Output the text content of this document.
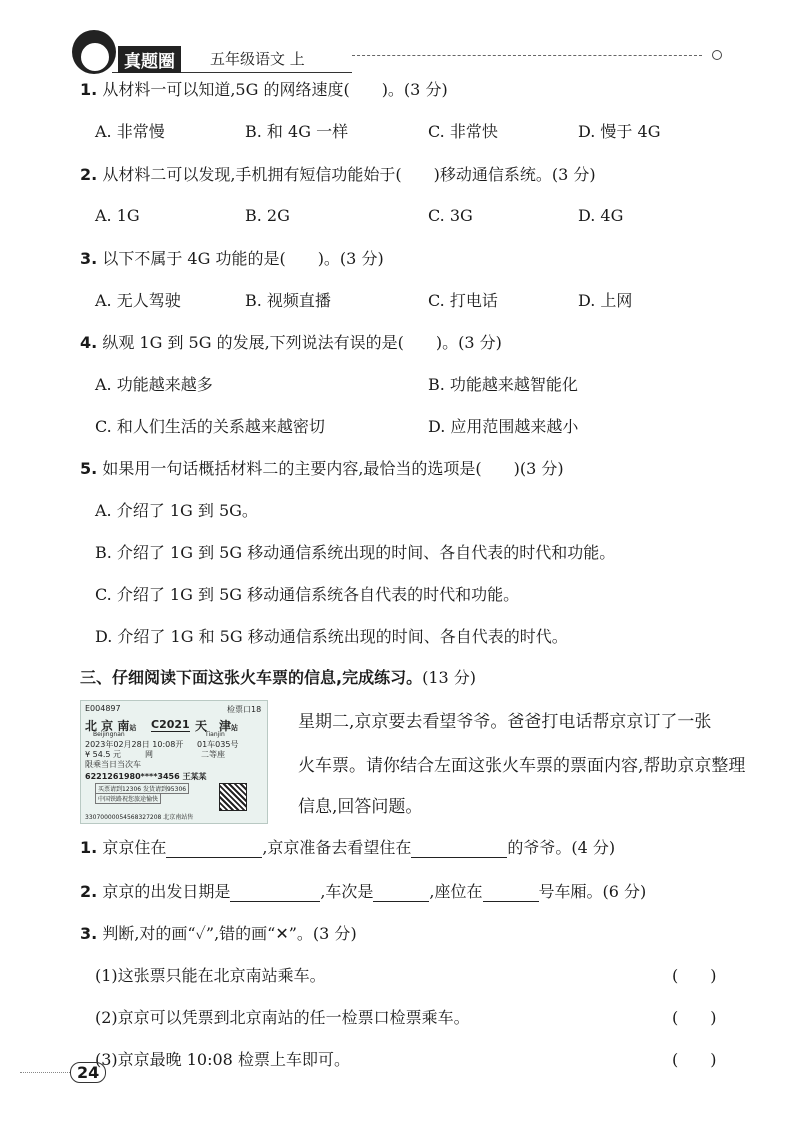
真题圈	五年级语文 上
1. 从材料一可以知道,5G 的网络速度(　　)。(3 分)
A. 非常慢	B. 和 4G 一样	C. 非常快	D. 慢于 4G
2. 从材料二可以发现,手机拥有短信功能始于(　　)移动通信系统。(3 分)
A. 1G	B. 2G	C. 3G	D. 4G
3. 以下不属于 4G 功能的是(　　)。(3 分)
A. 无人驾驶	B. 视频直播	C. 打电话	D. 上网
4. 纵观 1G 到 5G 的发展,下列说法有误的是(　　)。(3 分)
A. 功能越来越多	B. 功能越来越智能化
C. 和人们生活的关系越来越密切	D. 应用范围越来越小
5. 如果用一句话概括材料二的主要内容,最恰当的选项是(　　)(3 分)
A. 介绍了 1G 到 5G。
B. 介绍了 1G 到 5G 移动通信系统出现的时间、各自代表的时代和功能。
C. 介绍了 1G 到 5G 移动通信系统各自代表的时代和功能。
D. 介绍了 1G 和 5G 移动通信系统出现的时间、各自代表的时代。
三、仔细阅读下面这张火车票的信息,完成练习。(13 分)
E004897	检票口18
北 京 南站
Beijingnan
C2021 天　津站
Tianjin
2023年02月28日 10:08开 01车035号
¥ 54.5 元	网	二等座
限乘当日当次车
6221261980****3456 王某某
买票请到12306 发货请到95306
中国铁路祝您旅途愉快
33070000054568327208 北京南站售
星期二,京京要去看望爷爷。爸爸打电话帮京京订了一张
火车票。请你结合左面这张火车票的票面内容,帮助京京整理
信息,回答问题。
1. 京京住在	,京京准备去看望住在	的爷爷。(4 分)
2. 京京的出发日期是	,车次是	,座位在	号车厢。(6 分)
3. 判断,对的画“✓”,错的画“✕”。(3 分)
(1)这张票只能在北京南站乘车。	(　　)
(2)京京可以凭票到北京南站的任一检票口检票乘车。	(　　)
(3)京京最晚 10:08 检票上车即可。	(　　)
24
